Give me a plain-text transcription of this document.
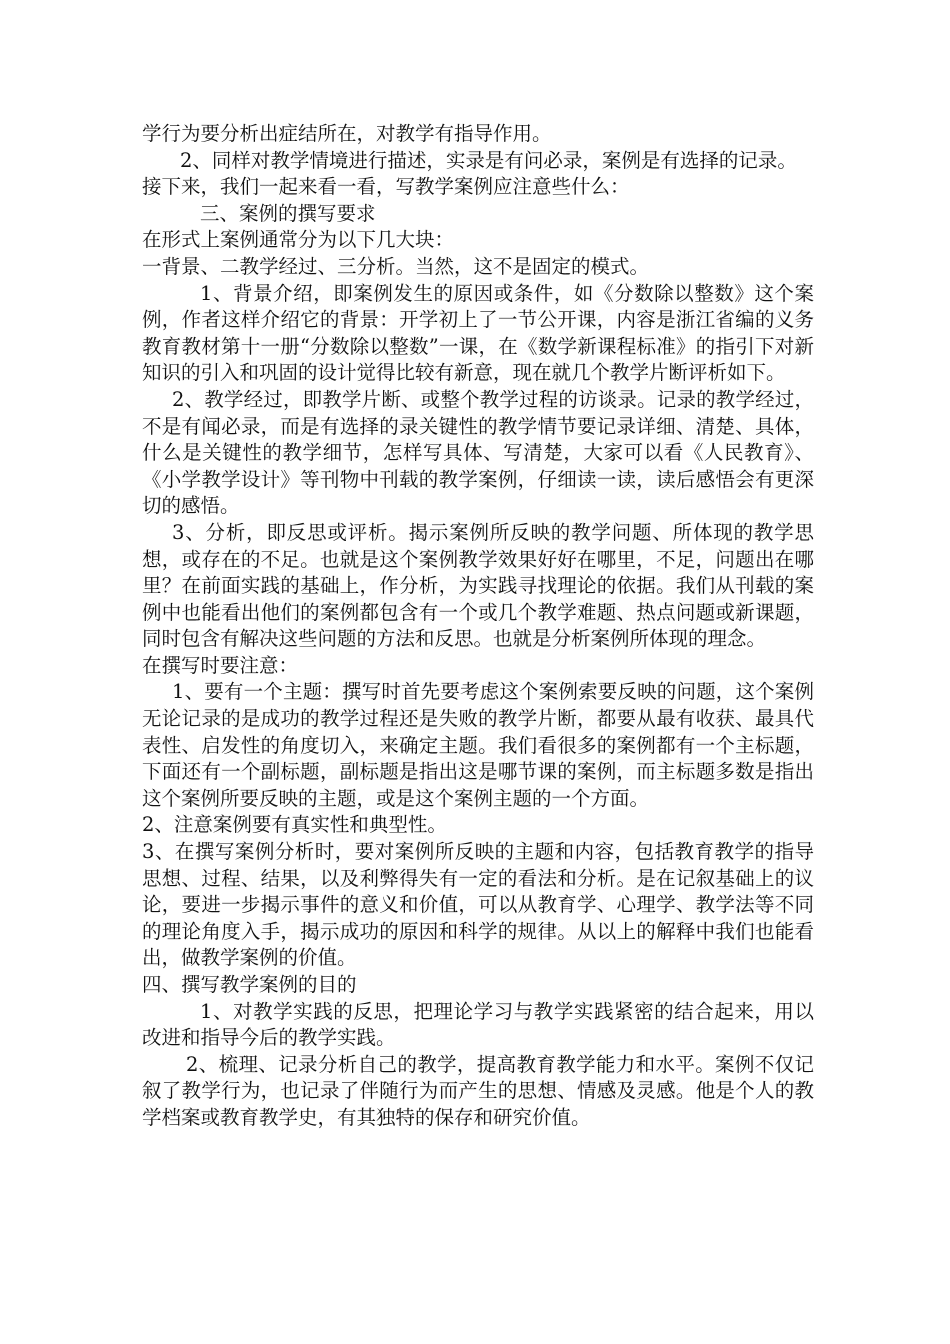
学行为要分析出症结所在，对教学有指导作用。

2、同样对教学情境进行描述，实录是有问必录，案例是有选择的记录。

接下来，我们一起来看一看，写教学案例应注意些什么：

三、案例的撰写要求

在形式上案例通常分为以下几大块：

一背景、二教学经过、三分析。当然，这不是固定的模式。

1、背景介绍，即案例发生的原因或条件，如《分数除以整数》这个案例，作者这样介绍它的背景：开学初上了一节公开课，内容是浙江省编的义务教育教材第十一册“分数除以整数”一课，在《数学新课程标准》的指引下对新知识的引入和巩固的设计觉得比较有新意，现在就几个教学片断评析如下。

2、教学经过，即教学片断、或整个教学过程的访谈录。记录的教学经过，不是有闻必录，而是有选择的录关键性的教学情节要记录详细、清楚、具体，什么是关键性的教学细节，怎样写具体、写清楚，大家可以看《人民教育》、《小学教学设计》等刊物中刊载的教学案例，仔细读一读，读后感悟会有更深切的感悟。

3、分析，即反思或评析。揭示案例所反映的教学问题、所体现的教学思想，或存在的不足。也就是这个案例教学效果好好在哪里，不足，问题出在哪里？在前面实践的基础上，作分析，为实践寻找理论的依据。我们从刊载的案例中也能看出他们的案例都包含有一个或几个教学难题、热点问题或新课题，同时包含有解决这些问题的方法和反思。也就是分析案例所体现的理念。

在撰写时要注意：

1、要有一个主题：撰写时首先要考虑这个案例索要反映的问题，这个案例无论记录的是成功的教学过程还是失败的教学片断，都要从最有收获、最具代表性、启发性的角度切入，来确定主题。我们看很多的案例都有一个主标题，下面还有一个副标题，副标题是指出这是哪节课的案例，而主标题多数是指出这个案例所要反映的主题，或是这个案例主题的一个方面。

2、注意案例要有真实性和典型性。

3、在撰写案例分析时，要对案例所反映的主题和内容，包括教育教学的指导思想、过程、结果，以及利弊得失有一定的看法和分析。是在记叙基础上的议论，要进一步揭示事件的意义和价值，可以从教育学、心理学、教学法等不同的理论角度入手，揭示成功的原因和科学的规律。从以上的解释中我们也能看出，做教学案例的价值。

四、撰写教学案例的目的

1、对教学实践的反思，把理论学习与教学实践紧密的结合起来，用以改进和指导今后的教学实践。

2、梳理、记录分析自己的教学，提高教育教学能力和水平。案例不仅记叙了教学行为，也记录了伴随行为而产生的思想、情感及灵感。他是个人的教学档案或教育教学史，有其独特的保存和研究价值。
